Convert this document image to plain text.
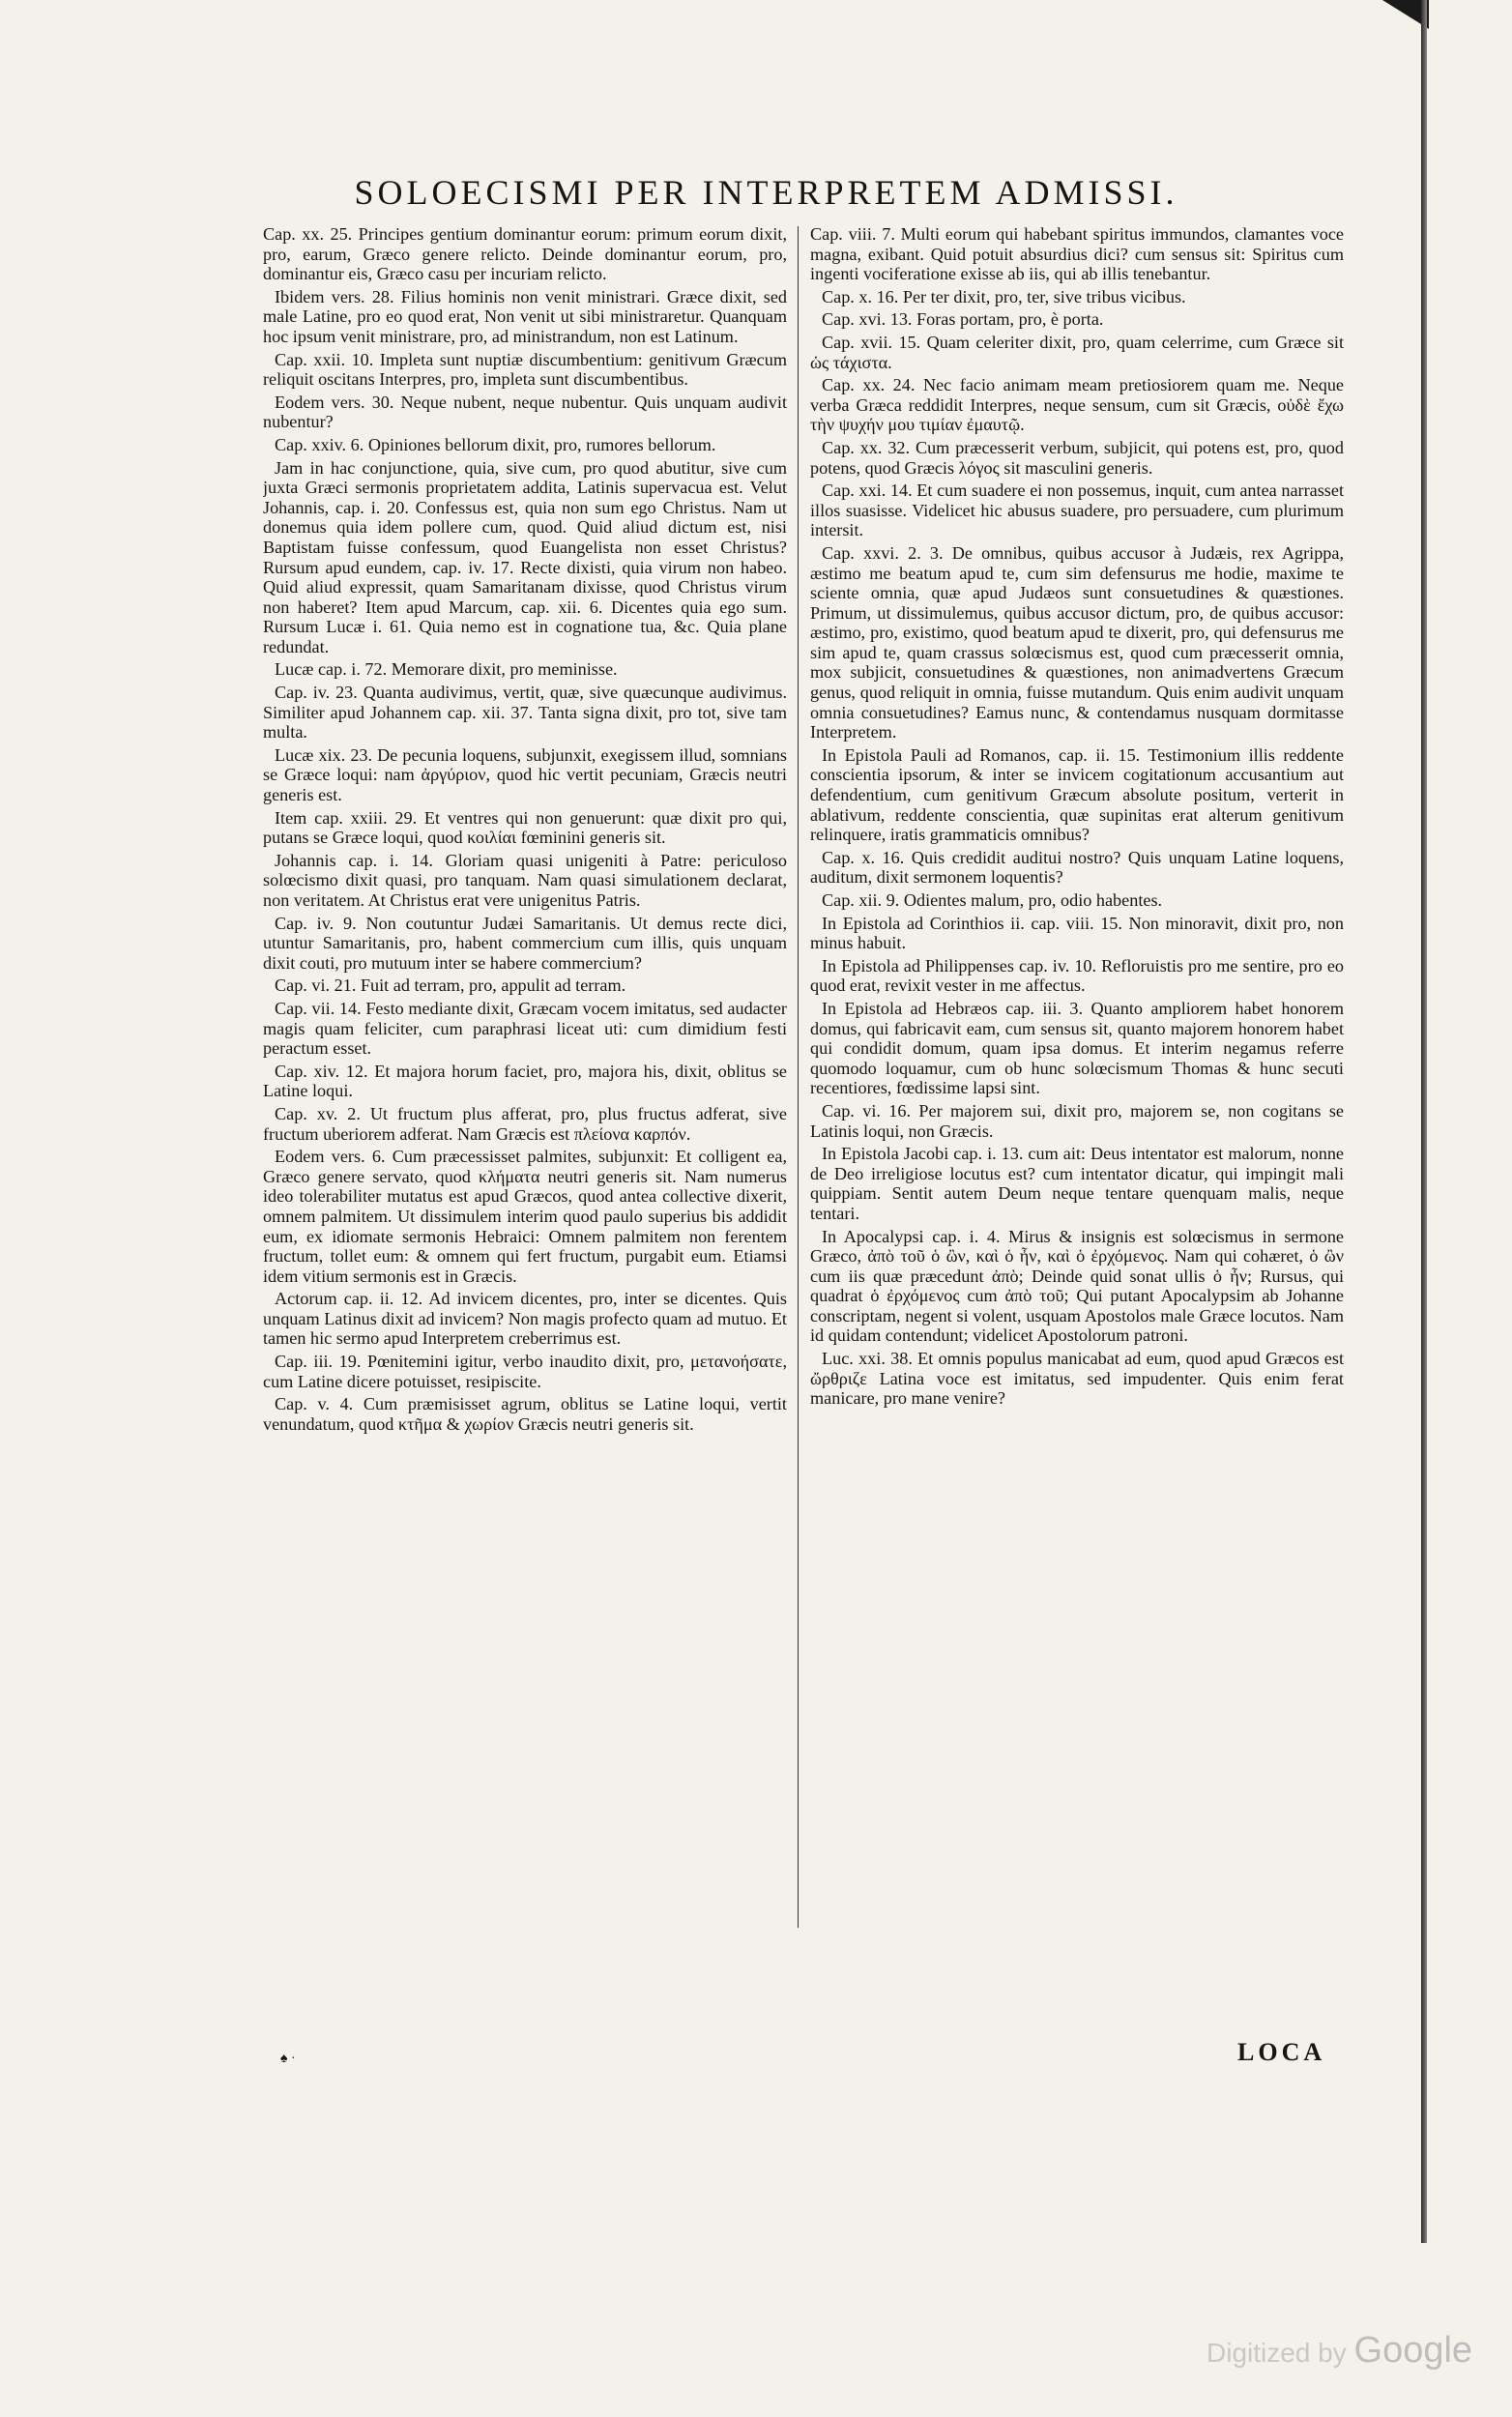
SOLOECISMI PER INTERPRETEM ADMISSI.

Cap. xx. 25. Principes gentium dominantur eorum: primum eorum dixit, pro, earum, Græco genere relicto. Deinde dominantur eorum, pro, dominantur eis, Græco casu per incuriam relicto.

Ibidem vers. 28. Filius hominis non venit ministrari. Græce dixit, sed male Latine, pro eo quod erat, Non venit ut sibi ministraretur. Quanquam hoc ipsum venit ministrare, pro, ad ministrandum, non est Latinum.

Cap. xxii. 10. Impleta sunt nuptiæ discumbentium: genitivum Græcum reliquit oscitans Interpres, pro, impleta sunt discumbentibus.

Eodem vers. 30. Neque nubent, neque nubentur. Quis unquam audivit nubentur?

Cap. xxiv. 6. Opiniones bellorum dixit, pro, rumores bellorum.

Jam in hac conjunctione, quia, sive cum, pro quod abutitur, sive cum juxta Græci sermonis proprietatem addita, Latinis supervacua est. Velut Johannis, cap. i. 20. Confessus est, quia non sum ego Christus. Nam ut donemus quia idem pollere cum, quod. Quid aliud dictum est, nisi Baptistam fuisse confessum, quod Euangelista non esset Christus? Rursum apud eundem, cap. iv. 17. Recte dixisti, quia virum non habeo. Quid aliud expressit, quam Samaritanam dixisse, quod Christus virum non haberet? Item apud Marcum, cap. xii. 6. Dicentes quia ego sum. Rursum Lucæ i. 61. Quia nemo est in cognatione tua, &c. Quia plane redundat.

Lucæ cap. i. 72. Memorare dixit, pro meminisse.

Cap. iv. 23. Quanta audivimus, vertit, quæ, sive quæcunque audivimus. Similiter apud Johannem cap. xii. 37. Tanta signa dixit, pro tot, sive tam multa.

Lucæ xix. 23. De pecunia loquens, subjunxit, exegissem illud, somnians se Græce loqui: nam ἀργύριον, quod hic vertit pecuniam, Græcis neutri generis est.

Item cap. xxiii. 29. Et ventres qui non genuerunt: quæ dixit pro qui, putans se Græce loqui, quod κοιλίαι fœminini generis sit.

Johannis cap. i. 14. Gloriam quasi unigeniti à Patre: periculoso solœcismo dixit quasi, pro tanquam. Nam quasi simulationem declarat, non veritatem. At Christus erat vere unigenitus Patris.

Cap. iv. 9. Non coutuntur Judæi Samaritanis. Ut demus recte dici, utuntur Samaritanis, pro, habent commercium cum illis, quis unquam dixit couti, pro mutuum inter se habere commercium?

Cap. vi. 21. Fuit ad terram, pro, appulit ad terram.

Cap. vii. 14. Festo mediante dixit, Græcam vocem imitatus, sed audacter magis quam feliciter, cum paraphrasi liceat uti: cum dimidium festi peractum esset.

Cap. xiv. 12. Et majora horum faciet, pro, majora his, dixit, oblitus se Latine loqui.

Cap. xv. 2. Ut fructum plus afferat, pro, plus fructus adferat, sive fructum uberiorem adferat. Nam Græcis est πλείονα καρπόν.

Eodem vers. 6. Cum præcessisset palmites, subjunxit: Et colligent ea, Græco genere servato, quod κλήματα neutri generis sit. Nam numerus ideo tolerabiliter mutatus est apud Græcos, quod antea collective dixerit, omnem palmitem. Ut dissimulem interim quod paulo superius bis addidit eum, ex idiomate sermonis Hebraici: Omnem palmitem non ferentem fructum, tollet eum: & omnem qui fert fructum, purgabit eum. Etiamsi idem vitium sermonis est in Græcis.

Actorum cap. ii. 12. Ad invicem dicentes, pro, inter se dicentes. Quis unquam Latinus dixit ad invicem? Non magis profecto quam ad mutuo. Et tamen hic sermo apud Interpretem creberrimus est.

Cap. iii. 19. Pœnitemini igitur, verbo inaudito dixit, pro, μετανοήσατε, cum Latine dicere potuisset, resipiscite.

Cap. v. 4. Cum præmisisset agrum, oblitus se Latine loqui, vertit venundatum, quod κτῆμα & χωρίον Græcis neutri generis sit.

Cap. viii. 7. Multi eorum qui habebant spiritus immundos, clamantes voce magna, exibant. Quid potuit absurdius dici? cum sensus sit: Spiritus cum ingenti vociferatione exisse ab iis, qui ab illis tenebantur.

Cap. x. 16. Per ter dixit, pro, ter, sive tribus vicibus.

Cap. xvi. 13. Foras portam, pro, è porta.

Cap. xvii. 15. Quam celeriter dixit, pro, quam celerrime, cum Græce sit ὡς τάχιστα.

Cap. xx. 24. Nec facio animam meam pretiosiorem quam me. Neque verba Græca reddidit Interpres, neque sensum, cum sit Græcis, οὐδὲ ἔχω τὴν ψυχήν μου τιμίαν ἐμαυτῷ.

Cap. xx. 32. Cum præcesserit verbum, subjicit, qui potens est, pro, quod potens, quod Græcis λόγος sit masculini generis.

Cap. xxi. 14. Et cum suadere ei non possemus, inquit, cum antea narrasset illos suasisse. Videlicet hic abusus suadere, pro persuadere, cum plurimum intersit.

Cap. xxvi. 2. 3. De omnibus, quibus accusor à Judæis, rex Agrippa, æstimo me beatum apud te, cum sim defensurus me hodie, maxime te sciente omnia, quæ apud Judæos sunt consuetudines & quæstiones. Primum, ut dissimulemus, quibus accusor dictum, pro, de quibus accusor: æstimo, pro, existimo, quod beatum apud te dixerit, pro, qui defensurus me sim apud te, quam crassus solœcismus est, quod cum præcesserit omnia, mox subjicit, consuetudines & quæstiones, non animadvertens Græcum genus, quod reliquit in omnia, fuisse mutandum. Quis enim audivit unquam omnia consuetudines? Eamus nunc, & contendamus nusquam dormitasse Interpretem.

In Epistola Pauli ad Romanos, cap. ii. 15. Testimonium illis reddente conscientia ipsorum, & inter se invicem cogitationum accusantium aut defendentium, cum genitivum Græcum absolute positum, verterit in ablativum, reddente conscientia, quæ supinitas erat alterum genitivum relinquere, iratis grammaticis omnibus?

Cap. x. 16. Quis credidit auditui nostro? Quis unquam Latine loquens, auditum, dixit sermonem loquentis?

Cap. xii. 9. Odientes malum, pro, odio habentes.

In Epistola ad Corinthios ii. cap. viii. 15. Non minoravit, dixit pro, non minus habuit.

In Epistola ad Philippenses cap. iv. 10. Refloruistis pro me sentire, pro eo quod erat, revixit vester in me affectus.

In Epistola ad Hebræos cap. iii. 3. Quanto ampliorem habet honorem domus, qui fabricavit eam, cum sensus sit, quanto majorem honorem habet qui condidit domum, quam ipsa domus. Et interim negamus referre quomodo loquamur, cum ob hunc solœcismum Thomas & hunc secuti recentiores, fœdissime lapsi sint.

Cap. vi. 16. Per majorem sui, dixit pro, majorem se, non cogitans se Latinis loqui, non Græcis.

In Epistola Jacobi cap. i. 13. cum ait: Deus intentator est malorum, nonne de Deo irreligiose locutus est? cum intentator dicatur, qui impingit mali quippiam. Sentit autem Deum neque tentare quenquam malis, neque tentari.

In Apocalypsi cap. i. 4. Mirus & insignis est solœcismus in sermone Græco, ἀπὸ τοῦ ὁ ὢν, καὶ ὁ ἦν, καὶ ὁ ἐρχόμενος. Nam qui cohæret, ὁ ὢν cum iis quæ præcedunt ἀπὸ; Deinde quid sonat ullis ὁ ἦν; Rursus, qui quadrat ὁ ἐρχόμενος cum ἀπὸ τοῦ; Qui putant Apocalypsim ab Johanne conscriptam, negent si volent, usquam Apostolos male Græce locutos. Nam id quidam contendunt; videlicet Apostolorum patroni.

Luc. xxi. 38. Et omnis populus manicabat ad eum, quod apud Græcos est ὤρθριζε Latina voce est imitatus, sed impudenter. Quis enim ferat manicare, pro mane venire?

♠ ·	LOCA
Digitized by Google
